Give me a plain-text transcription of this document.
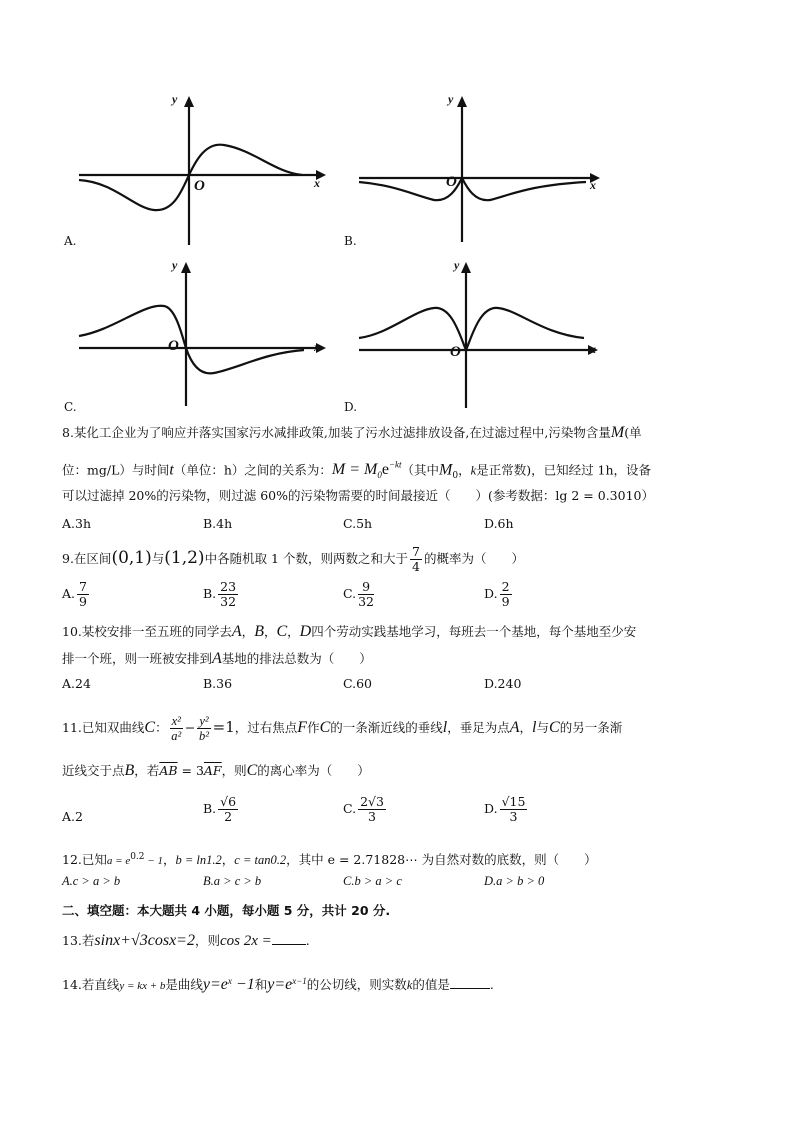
y
x
O
A.
y
x
O
B.
y
x
O
C.
y
x
O
D.
8.某化工企业为了响应并落实国家污水减排政策,加装了污水过滤排放设备,在过滤过程中,污染物含量M(单
位：mg/L）与时间t（单位：h）之间的关系为：$M = M_0e^{-kt}$（其中$M_0$，k是正常数)，已知经过 1h，设备
可以过滤掉 20%的污染物，则过滤 60%的污染物需要的时间最接近（　　）(参考数据：lg 2 = 0.3010）
A.3h	B.4h	C.5h	D.6h
9.在区间(0,1)与(1,2)中各随机取 1 个数，则两数之和大于 $\frac{7}{4}$ 的概率为（　　）
A. $\frac{7}{9}$	B. $\frac{23}{32}$	C. $\frac{9}{32}$	D. $\frac{2}{9}$
10.某校安排一至五班的同学去A，B，C，D四个劳动实践基地学习，每班去一个基地，每个基地至少安
排一个班，则一班被安排到A基地的排法总数为（　　）
A.24	B.36	C.60	D.240
11.已知双曲线C： $\frac{\text{x²}}{\text{a²}} - \frac{\text{y²}}{\text{b²}} =1$，过右焦点F作C的一条渐近线的垂线l，垂足为点A，l与C的另一条渐
近线交于点B，若$\overline{AB} = 3\overline{AF}$，则C的离心率为（　　）
A.2
B. $\frac{√6}{2}$	C. $\frac{2√3}{3}$	D. $\frac{√15}{3}$
12.已知$a = e^{0.2} - 1$，b = ln1.2，c = tan0.2，其中 e = 2.71828⋯ 为自然对数的底数，则（　　）
A.c > a > b	B.a > c > b	C.b > a > c	D.a > b > 0
二、填空题：本大题共 4 小题，每小题 5 分，共计 20 分.
13.若sinx+√3cosx=2，则cos 2x =	.
14.若直线y = kx + b是曲线$y=e^x -1$和$y=e^{x-1}$的公切线，则实数k的值是	.
